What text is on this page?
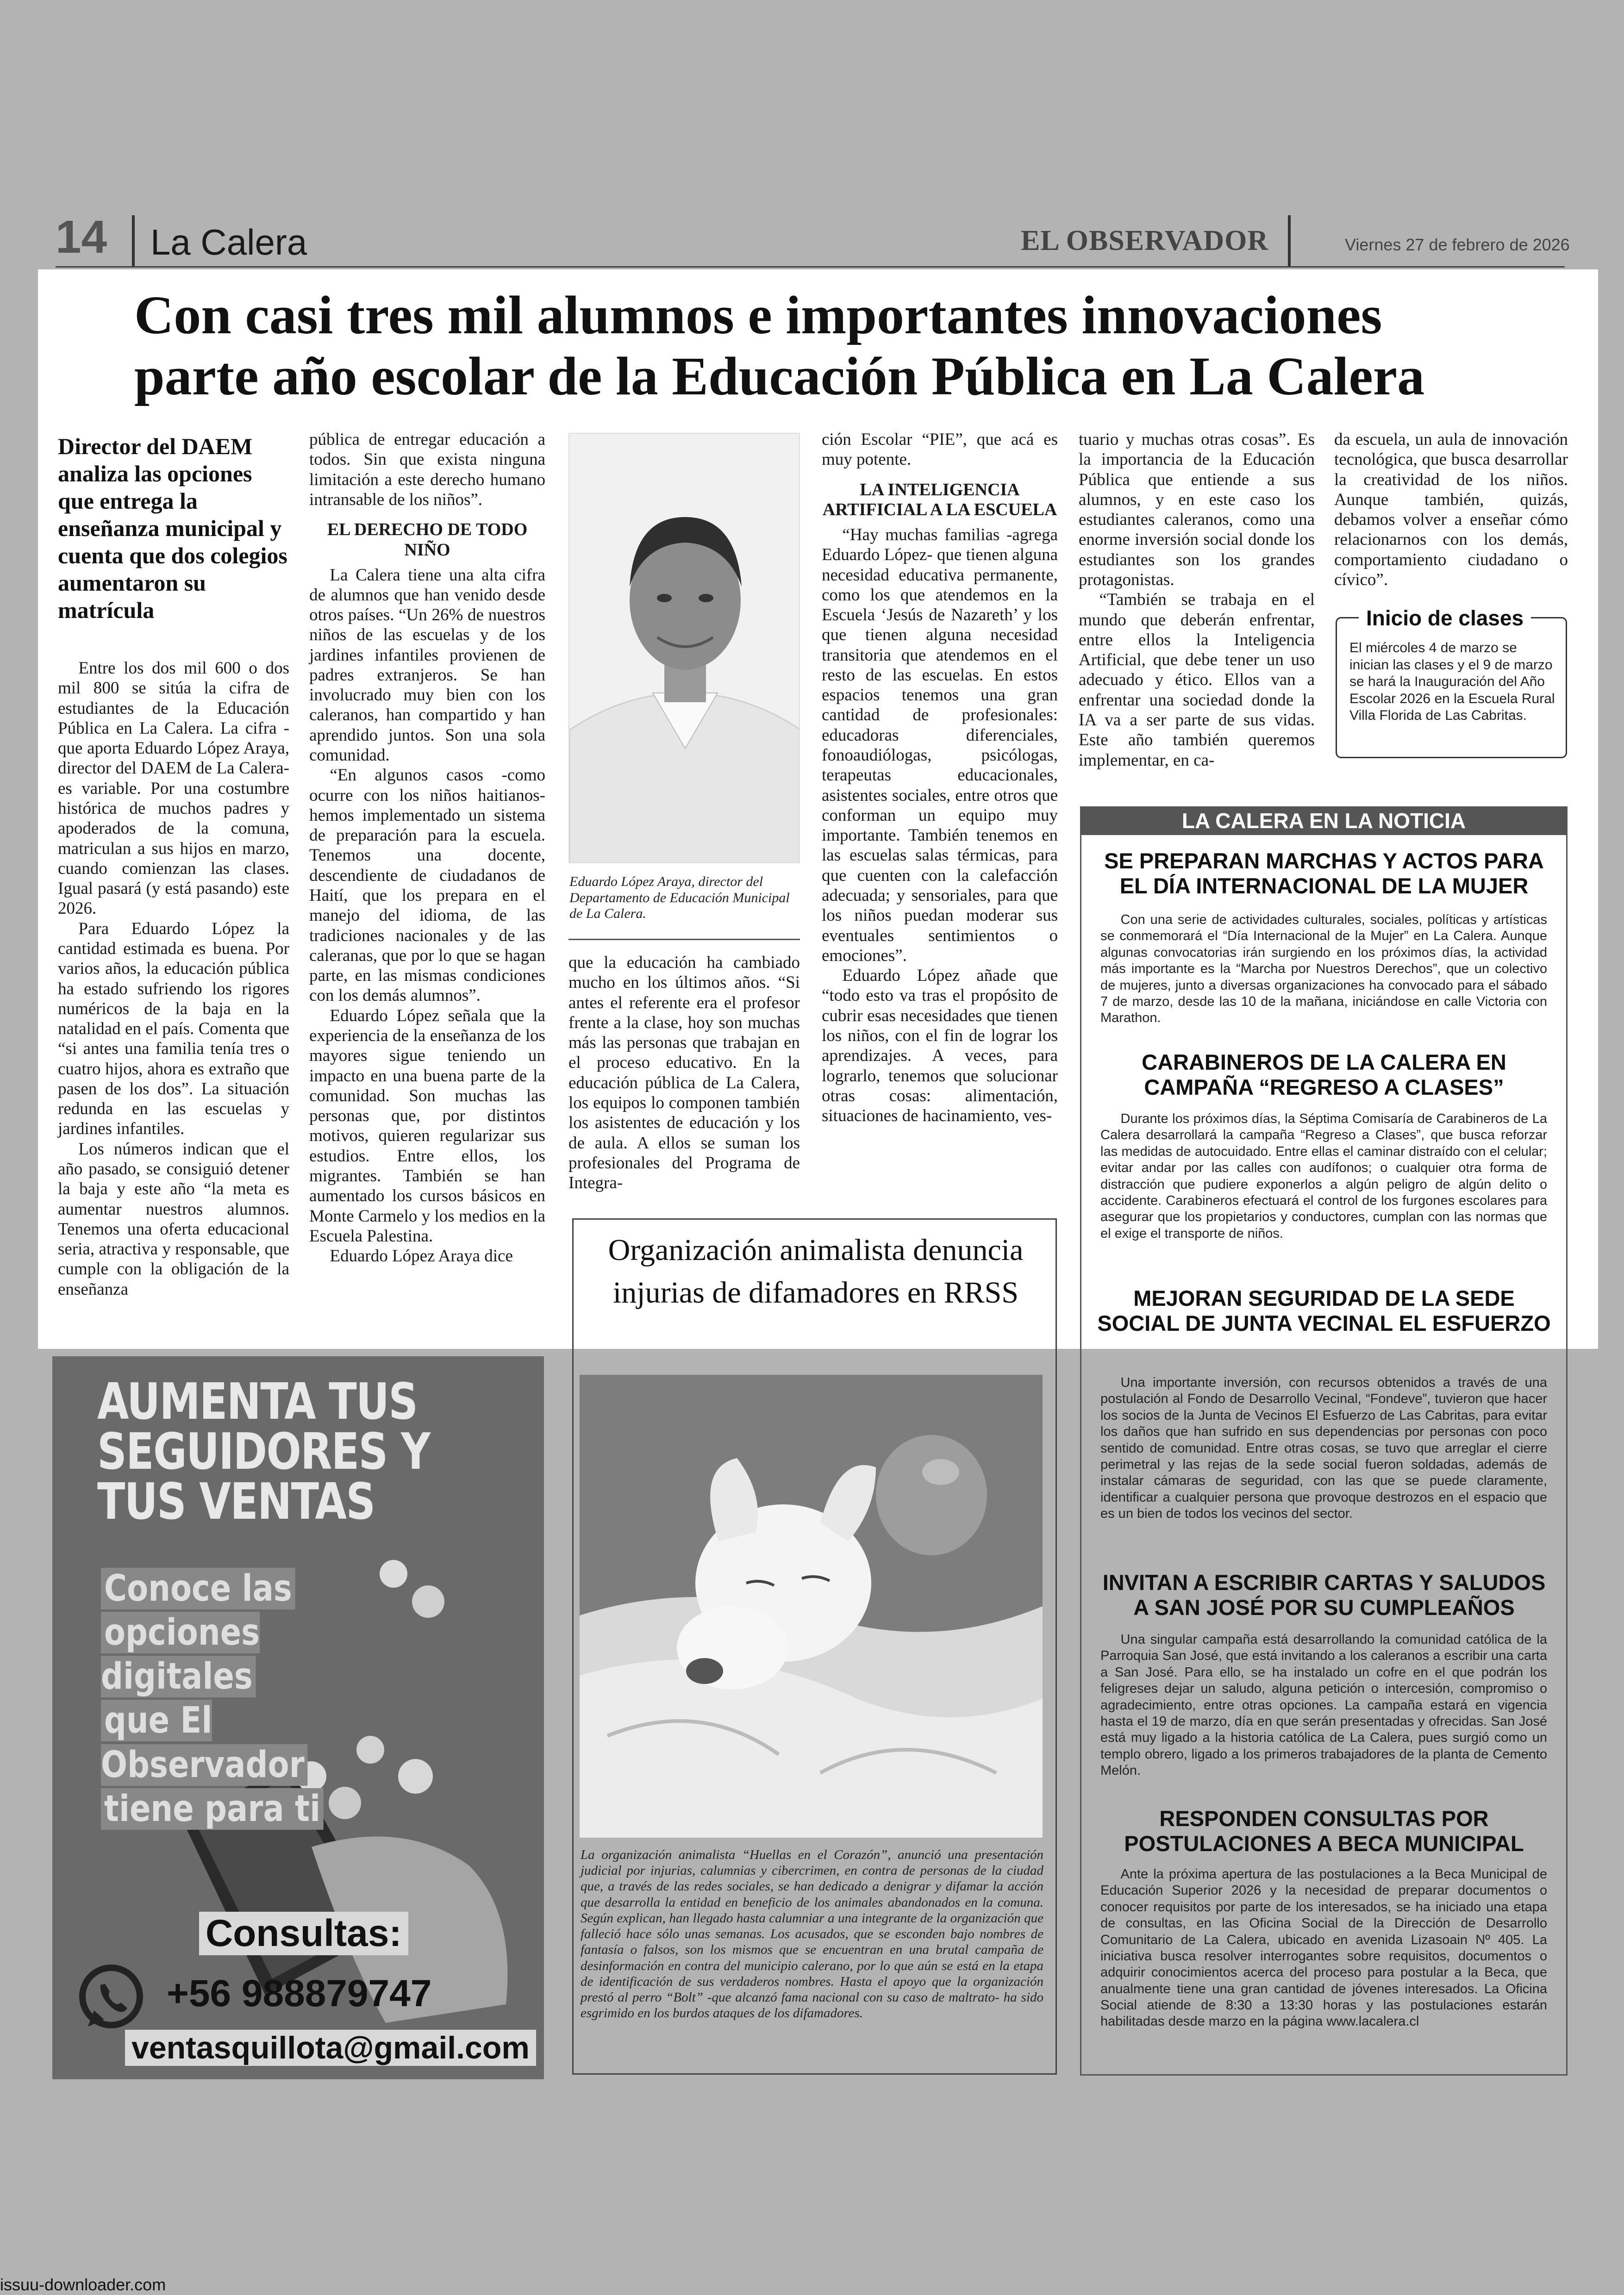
14 La Calera	EL OBSERVADOR	Viernes 27 de febrero de 2026
Con casi tres mil alumnos e importantes innovaciones
parte año escolar de la Educación Pública en La Calera
Director del DAEM analiza las opciones que entrega la enseñanza municipal y cuenta que dos colegios aumentaron su matrícula

Entre los dos mil 600 o dos mil 800 se sitúa la cifra de estudiantes de la Educación Pública en La Calera. La cifra -que aporta Eduardo López Araya, director del DAEM de La Calera- es variable. Por una costumbre histórica de muchos padres y apoderados de la comuna, matriculan a sus hijos en marzo, cuando comienzan las clases. Igual pasará (y está pasando) este 2026.

Para Eduardo López la cantidad estimada es buena. Por varios años, la educación pública ha estado sufriendo los rigores numéricos de la baja en la natalidad en el país. Comenta que “si antes una familia tenía tres o cuatro hijos, ahora es extraño que pasen de los dos”. La situación redunda en las escuelas y jardines infantiles.

Los números indican que el año pasado, se consiguió detener la baja y este año “la meta es aumentar nuestros alumnos. Tenemos una oferta educacional seria, atractiva y responsable, que cumple con la obligación de la enseñanza

pública de entregar educación a todos. Sin que exista ninguna limitación a este derecho humano intransable de los niños”.

EL DERECHO DE TODO NIÑO

La Calera tiene una alta cifra de alumnos que han venido desde otros países. “Un 26% de nuestros niños de las escuelas y de los jardines infantiles provienen de padres extranjeros. Se han involucrado muy bien con los caleranos, han compartido y han aprendido juntos. Son una sola comunidad.

“En algunos casos -como ocurre con los niños haitianos- hemos implementado un sistema de preparación para la escuela. Tenemos una docente, descendiente de ciudadanos de Haití, que los prepara en el manejo del idioma, de las tradiciones nacionales y de las caleranas, que por lo que se hagan parte, en las mismas condiciones con los demás alumnos”.

Eduardo López señala que la experiencia de la enseñanza de los mayores sigue teniendo un impacto en una buena parte de la comunidad. Son muchas las personas que, por distintos motivos, quieren regularizar sus estudios. Entre ellos, los migrantes. También se han aumentado los cursos básicos en Monte Carmelo y los medios en la Escuela Palestina.

Eduardo López Araya dice

Eduardo López Araya, director del Departamento de Educación Municipal de La Calera.

que la educación ha cambiado mucho en los últimos años. “Si antes el referente era el profesor frente a la clase, hoy son muchas más las personas que trabajan en el proceso educativo. En la educación pública de La Calera, los equipos lo componen también los asistentes de educación y los de aula. A ellos se suman los profesionales del Programa de Integra-

ción Escolar “PIE”, que acá es muy potente.

LA INTELIGENCIA ARTIFICIAL A LA ESCUELA

“Hay muchas familias -agrega Eduardo López- que tienen alguna necesidad educativa permanente, como los que atendemos en la Escuela ‘Jesús de Nazareth’ y los que tienen alguna necesidad transitoria que atendemos en el resto de las escuelas. En estos espacios tenemos una gran cantidad de profesionales: educadoras diferenciales, fonoaudiólogas, psicólogas, terapeutas educacionales, asistentes sociales, entre otros que conforman un equipo muy importante. También tenemos en las escuelas salas térmicas, para que cuenten con la calefacción adecuada; y sensoriales, para que los niños puedan moderar sus eventuales sentimientos o emociones”.

Eduardo López añade que “todo esto va tras el propósito de cubrir esas necesidades que tienen los niños, con el fin de lograr los aprendizajes. A veces, para lograrlo, tenemos que solucionar otras cosas: alimentación, situaciones de hacinamiento, ves-

tuario y muchas otras cosas”. Es la importancia de la Educación Pública que entiende a sus alumnos, y en este caso los estudiantes caleranos, como una enorme inversión social donde los estudiantes son los grandes protagonistas.

“También se trabaja en el mundo que deberán enfrentar, entre ellos la Inteligencia Artificial, que debe tener un uso adecuado y ético. Ellos van a enfrentar una sociedad donde la IA va a ser parte de sus vidas. Este año también queremos implementar, en ca-

da escuela, un aula de innovación tecnológica, que busca desarrollar la creatividad de los niños. Aunque también, quizás, debamos volver a enseñar cómo relacionarnos con los demás, comportamiento ciudadano o cívico”.

Inicio de clases
El miércoles 4 de marzo se inician las clases y el 9 de marzo se hará la Inauguración del Año Escolar 2026 en la Escuela Rural Villa Florida de Las Cabritas.
LA CALERA EN LA NOTICIA
SE PREPARAN MARCHAS Y ACTOS PARA EL DÍA INTERNACIONAL DE LA MUJER

Con una serie de actividades culturales, sociales, políticas y artísticas se conmemorará el “Día Internacional de la Mujer” en La Calera. Aunque algunas convocatorias irán surgiendo en los próximos días, la actividad más importante es la “Marcha por Nuestros Derechos”, que un colectivo de mujeres, junto a diversas organizaciones ha convocado para el sábado 7 de marzo, desde las 10 de la mañana, iniciándose en calle Victoria con Marathon.

CARABINEROS DE LA CALERA EN CAMPAÑA “REGRESO A CLASES”

Durante los próximos días, la Séptima Comisaría de Carabineros de La Calera desarrollará la campaña “Regreso a Clases”, que busca reforzar las medidas de autocuidado. Entre ellas el caminar distraído con el celular; evitar andar por las calles con audífonos; o cualquier otra forma de distracción que pudiere exponerlos a algún peligro de algún delito o accidente. Carabineros efectuará el control de los furgones escolares para asegurar que los propietarios y conductores, cumplan con las normas que el exige el transporte de niños.

MEJORAN SEGURIDAD DE LA SEDE SOCIAL DE JUNTA VECINAL EL ESFUERZO

Una importante inversión, con recursos obtenidos a través de una postulación al Fondo de Desarrollo Vecinal, “Fondeve”, tuvieron que hacer los socios de la Junta de Vecinos El Esfuerzo de Las Cabritas, para evitar los daños que han sufrido en sus dependencias por personas con poco sentido de comunidad. Entre otras cosas, se tuvo que arreglar el cierre perimetral y las rejas de la sede social fueron soldadas, además de instalar cámaras de seguridad, con las que se puede claramente, identificar a cualquier persona que provoque destrozos en el espacio que es un bien de todos los vecinos del sector.

INVITAN A ESCRIBIR CARTAS Y SALUDOS A SAN JOSÉ POR SU CUMPLEAÑOS

Una singular campaña está desarrollando la comunidad católica de la Parroquia San José, que está invitando a los caleranos a escribir una carta a San José. Para ello, se ha instalado un cofre en el que podrán los feligreses dejar un saludo, alguna petición o intercesión, compromiso o agradecimiento, entre otras opciones. La campaña estará en vigencia hasta el 19 de marzo, día en que serán presentadas y ofrecidas. San José está muy ligado a la historia católica de La Calera, pues surgió como un templo obrero, ligado a los primeros trabajadores de la planta de Cemento Melón.

RESPONDEN CONSULTAS POR POSTULACIONES A BECA MUNICIPAL

Ante la próxima apertura de las postulaciones a la Beca Municipal de Educación Superior 2026 y la necesidad de preparar documentos o conocer requisitos por parte de los interesados, se ha iniciado una etapa de consultas, en las Oficina Social de la Dirección de Desarrollo Comunitario de La Calera, ubicado en avenida Lizasoain Nº 405. La iniciativa busca resolver interrogantes sobre requisitos, documentos o adquirir conocimientos acerca del proceso para postular a la Beca, que anualmente tiene una gran cantidad de jóvenes interesados. La Oficina Social atiende de 8:30 a 13:30 horas y las postulaciones estarán habilitadas desde marzo en la página www.lacalera.cl

Organización animalista denuncia injurias de difamadores en RRSS
La organización animalista “Huellas en el Corazón”, anunció una presentación judicial por injurias, calumnias y cibercrimen, en contra de personas de la ciudad que, a través de las redes sociales, se han dedicado a denigrar y difamar la acción que desarrolla la entidad en beneficio de los animales abandonados en la comuna. Según explican, han llegado hasta calumniar a una integrante de la organización que falleció hace sólo unas semanas. Los acusados, que se esconden bajo nombres de fantasía o falsos, son los mismos que se encuentran en una brutal campaña de desinformación en contra del municipio calerano, por lo que aún se está en la etapa de identificación de sus verdaderos nombres. Hasta el apoyo que la organización prestó al perro “Bolt” -que alcanzó fama nacional con su caso de maltrato- ha sido esgrimido en los burdos ataques de los difamadores.
AUMENTA TUS
SEGUIDORES Y
TUS VENTAS
Conoce las
opciones digitales
que El Observador
tiene para ti
Consultas:
+56 988879747
ventasquillota@gmail.com
issuu-downloader.com
